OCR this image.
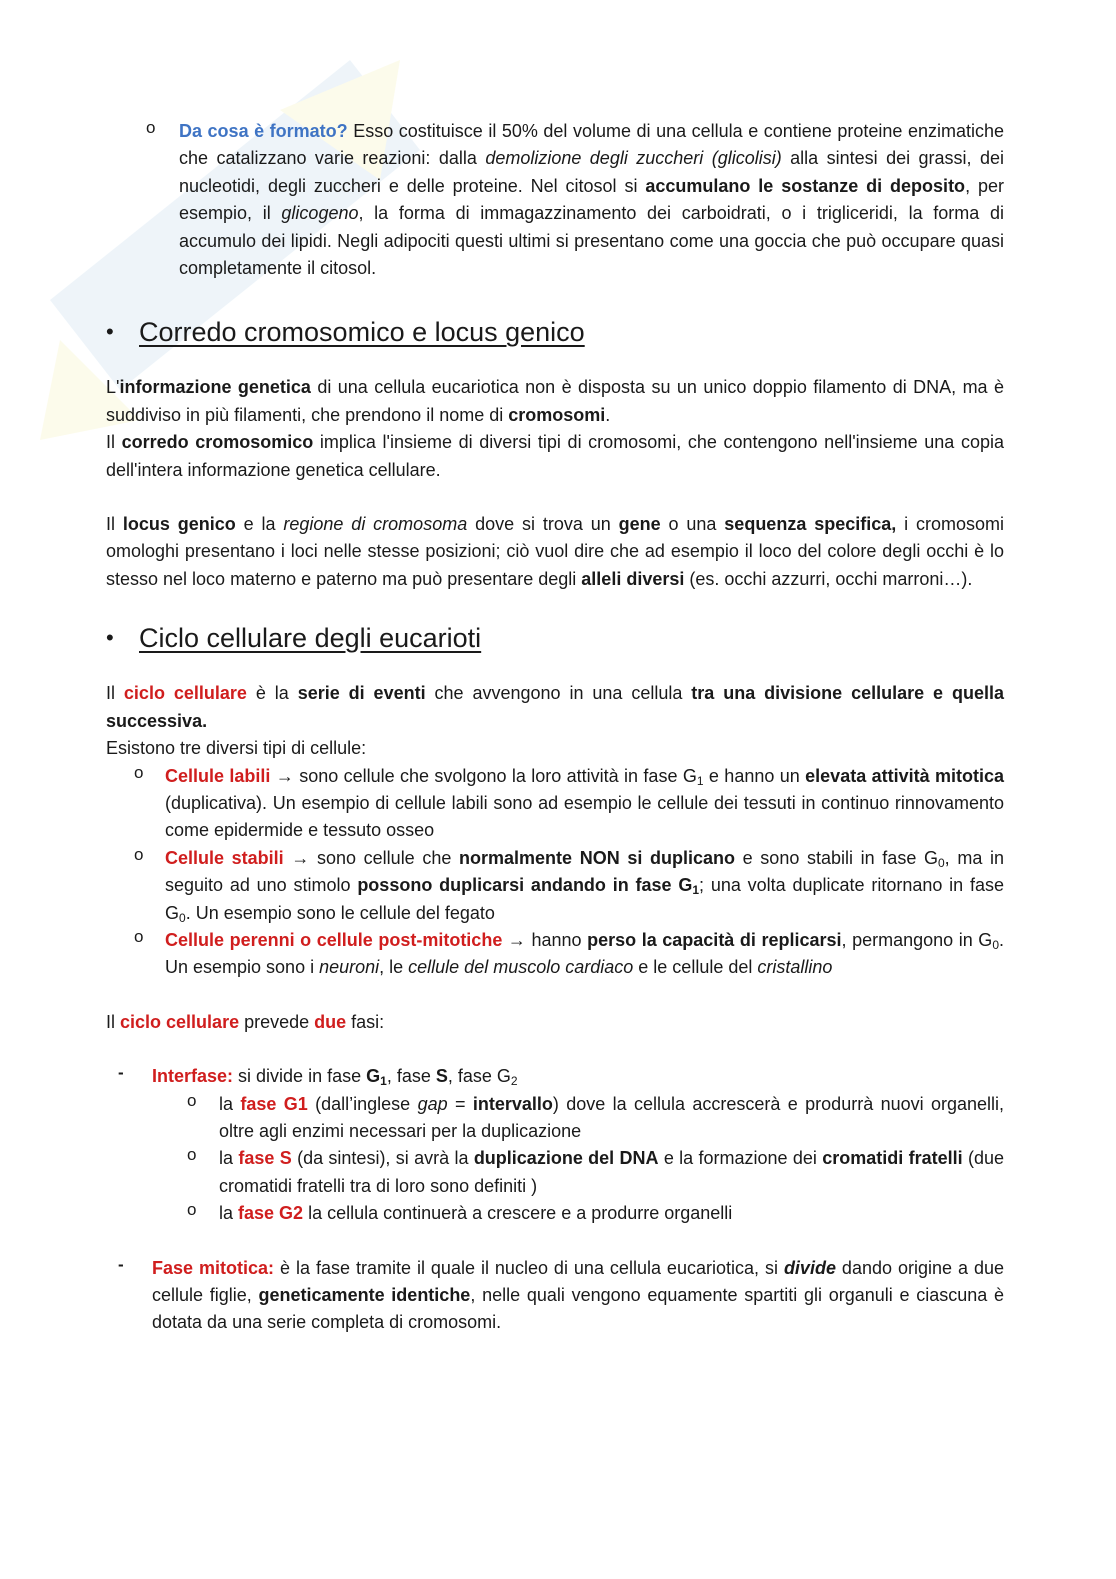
o Da cosa è formato? Esso costituisce il 50% del volume di una cellula e contiene proteine enzimatiche che catalizzano varie reazioni: dalla demolizione degli zuccheri (glicolisi) alla sintesi dei grassi, dei nucleotidi, degli zuccheri e delle proteine. Nel citosol si accumulano le sostanze di deposito, per esempio, il glicogeno, la forma di immagazzinamento dei carboidrati, o i trigliceridi, la forma di accumulo dei lipidi. Negli adipociti questi ultimi si presentano come una goccia che può occupare quasi completamente il citosol.

• Corredo cromosomico e locus genico

L'informazione genetica di una cellula eucariotica non è disposta su un unico doppio filamento di DNA, ma è suddiviso in più filamenti, che prendono il nome di cromosomi.

Il corredo cromosomico implica l'insieme di diversi tipi di cromosomi, che contengono nell'insieme una copia dell'intera informazione genetica cellulare.

Il locus genico e la regione di cromosoma dove si trova un gene o una sequenza specifica, i cromosomi omologhi presentano i loci nelle stesse posizioni; ciò vuol dire che ad esempio il loco del colore degli occhi è lo stesso nel loco materno e paterno ma può presentare degli alleli diversi (es. occhi azzurri, occhi marroni…).

• Ciclo cellulare degli eucarioti

Il ciclo cellulare è la serie di eventi che avvengono in una cellula tra una divisione cellulare e quella successiva.

Esistono tre diversi tipi di cellule:

o Cellule labili → sono cellule che svolgono la loro attività in fase $G_1$ e hanno un elevata attività mitotica (duplicativa). Un esempio di cellule labili sono ad esempio le cellule dei tessuti in continuo rinnovamento come epidermide e tessuto osseo

o Cellule stabili → sono cellule che normalmente NON si duplicano e sono stabili in fase $G_0$, ma in seguito ad uno stimolo possono duplicarsi andando in fase $G_1$; una volta duplicate ritornano in fase $G_0$. Un esempio sono le cellule del fegato

o Cellule perenni o cellule post-mitotiche → hanno perso la capacità di replicarsi, permangono in $G_0$. Un esempio sono i neuroni, le cellule del muscolo cardiaco e le cellule del cristallino

Il ciclo cellulare prevede due fasi:

- Interfase: si divide in fase $G_1$, fase S, fase $G_2$

o la fase G1 (dall’inglese gap = intervallo) dove la cellula accrescerà e produrrà nuovi organelli, oltre agli enzimi necessari per la duplicazione

o la fase S (da sintesi), si avrà la duplicazione del DNA e la formazione dei cromatidi fratelli (due cromatidi fratelli tra di loro sono definiti )

o la fase G2 la cellula continuerà a crescere e a produrre organelli

- Fase mitotica: è la fase tramite il quale il nucleo di una cellula eucariotica, si divide dando origine a due cellule figlie, geneticamente identiche, nelle quali vengono equamente spartiti gli organuli e ciascuna è dotata da una serie completa di cromosomi.
